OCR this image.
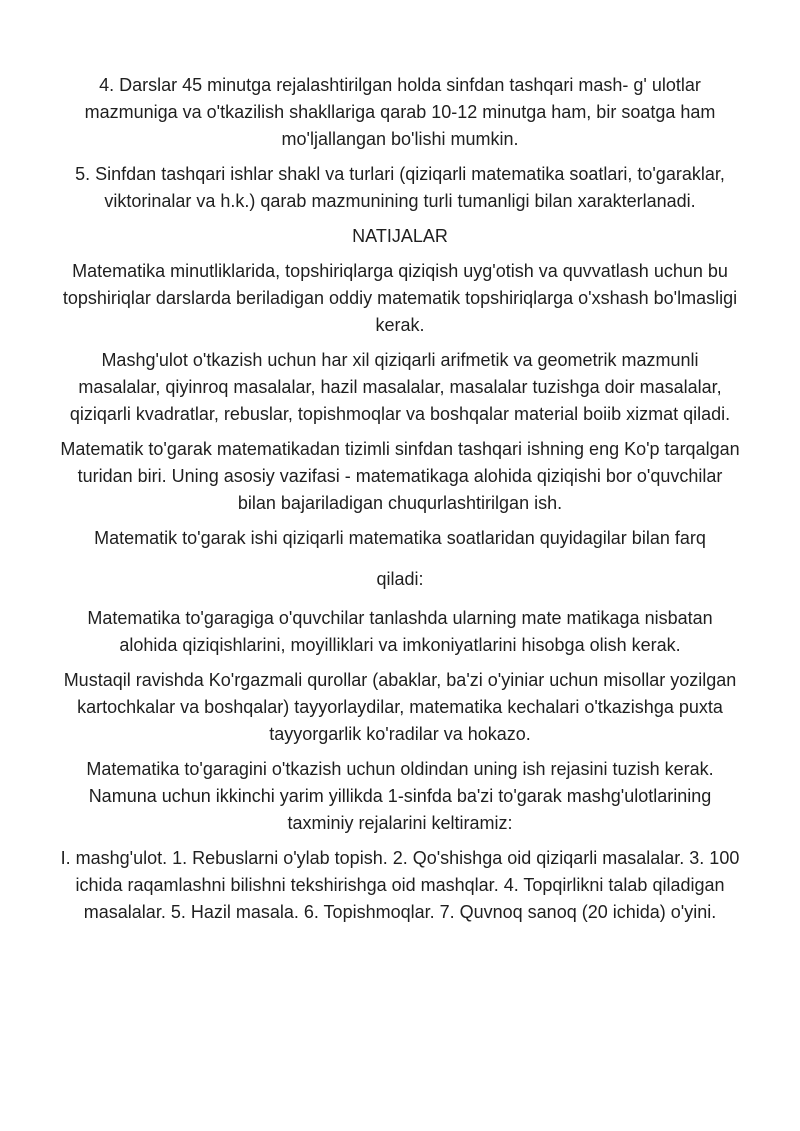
4. Darslar 45 minutga rejalashtirilgan holda sinfdan tashqari mash- g' ulotlar mazmuniga va o'tkazilish shakllariga qarab 10-12 minutga ham, bir soatga ham mo'ljallangan bo'lishi mumkin.

5. Sinfdan tashqari ishlar shakl va turlari (qiziqarli matematika soatlari, to'garaklar, viktorinalar va h.k.) qarab mazmunining turli tumanligi bilan xarakterlanadi.

NATIJALAR

Matematika minutliklarida, topshiriqlarga qiziqish uyg'otish va quvvatlash uchun bu topshiriqlar darslarda beriladigan oddiy matematik topshiriqlarga o'xshash bo'lmasligi kerak.

Mashg'ulot o'tkazish uchun har xil qiziqarli arifmetik va geometrik mazmunli masalalar, qiyinroq masalalar, hazil masalalar, masalalar tuzishga doir masalalar, qiziqarli kvadratlar, rebuslar, topishmoqlar va boshqalar material boiib xizmat qiladi.

Matematik to'garak matematikadan tizimli sinfdan tashqari ishning eng Ko'p tarqalgan turidan biri. Uning asosiy vazifasi - matematikaga alohida qiziqishi bor o'quvchilar bilan bajariladigan chuqurlashtirilgan ish.

Matematik to'garak ishi qiziqarli matematika soatlaridan quyidagilar bilan farq

qiladi:

Matematika to'garagiga o'quvchilar tanlashda ularning mate matikaga nisbatan alohida qiziqishlarini, moyilliklari va imkoniyatlarini hisobga olish kerak.

Mustaqil ravishda Ko'rgazmali qurollar (abaklar, ba'zi o'yiniar uchun misollar yozilgan kartochkalar va boshqalar) tayyorlaydilar, matematika kechalari o'tkazishga puxta tayyorgarlik ko'radilar va hokazo.

Matematika to'garagini o'tkazish uchun oldindan uning ish rejasini tuzish kerak. Namuna uchun ikkinchi yarim yillikda 1-sinfda ba'zi to'garak mashg'ulotlarining taxminiy rejalarini keltiramiz:

I. mashg'ulot. 1. Rebuslarni o'ylab topish. 2. Qo'shishga oid qiziqarli masalalar. 3. 100 ichida raqamlashni bilishni tekshirishga oid mashqlar. 4. Topqirlikni talab qiladigan masalalar. 5. Hazil masala. 6. Topishmoqlar. 7. Quvnoq sanoq (20 ichida) o'yini.
